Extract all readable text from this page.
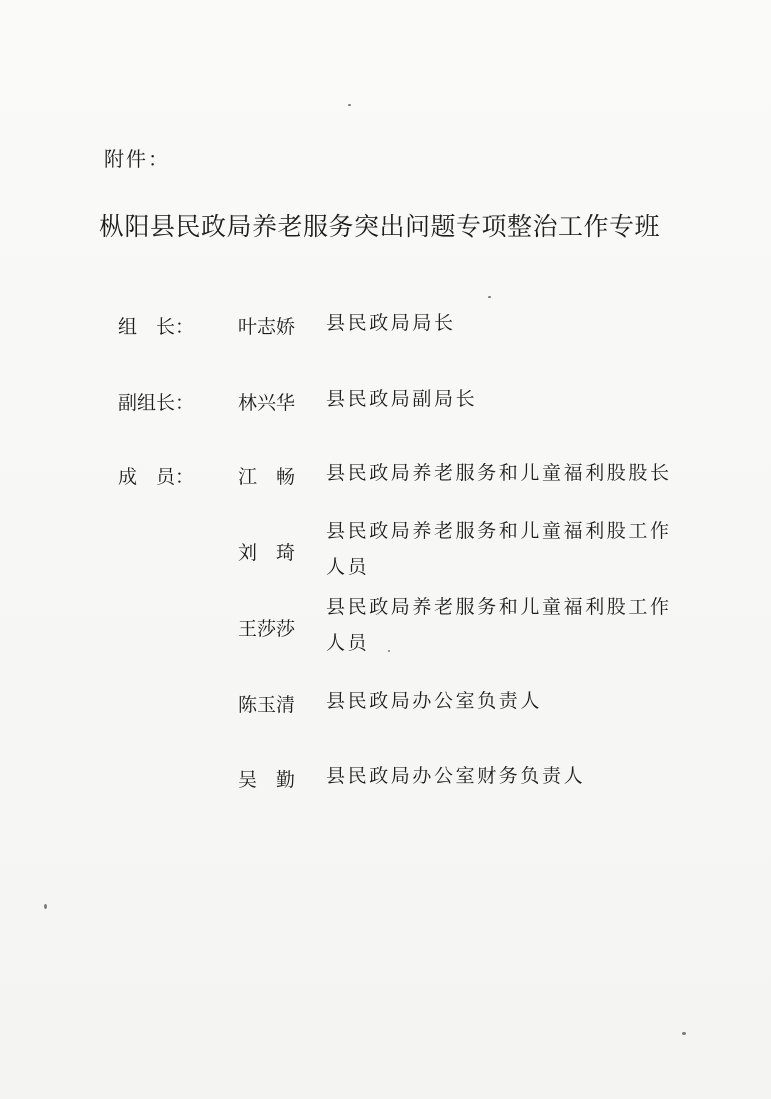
附件：
枞阳县民政局养老服务突出问题专项整治工作专班
组　长： 叶志娇 县民政局局长
副组长： 林兴华 县民政局副局长
成　员： 江　畅 县民政局养老服务和儿童福利股股长
刘　琦
县民政局养老服务和儿童福利股工作人员
王莎莎
县民政局养老服务和儿童福利股工作人员
陈玉清 县民政局办公室负责人
吴　勤 县民政局办公室财务负责人
